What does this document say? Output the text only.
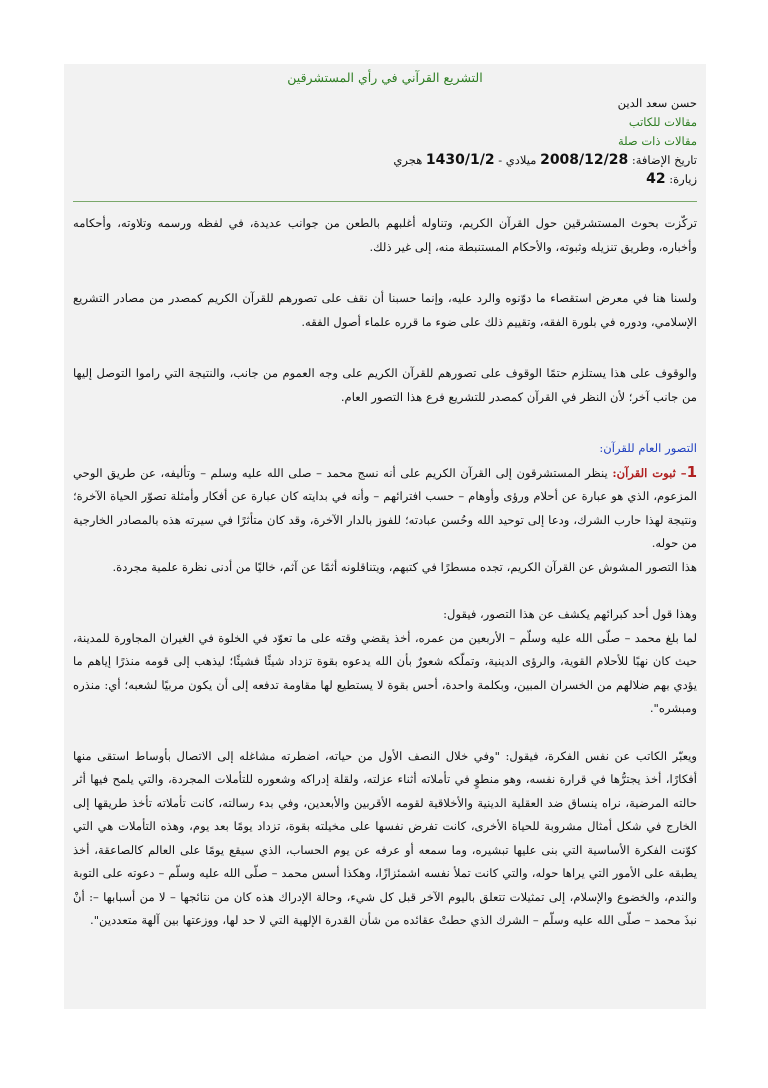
التشريع القرآني في رأي المستشرقين
حسن سعد الدين
مقالات للكاتب
مقالات ذات صلة
تاريخ الإضافة: 2008/12/28 ميلادي - 1430/1/2 هجري
زيارة: 42

تركّزت بحوث المستشرقين حول القرآن الكريم، وتناوله أغلبهم بالطعن من جوانب عديدة، في لفظه ورسمه وتلاوته، وأحكامه وأخباره، وطريق تنزيله وثبوته، والأحكام المستنبطة منه، إلى غير ذلك.

ولسنا هنا في معرض استقصاء ما دوّنوه والرد عليه، وإنما حسبنا أن نقف على تصورهم للقرآن الكريم كمصدر من مصادر التشريع الإسلامي، ودوره في بلورة الفقه، وتقييم ذلك على ضوء ما قرره علماء أصول الفقه.

والوقوف على هذا يستلزم حتمًا الوقوف على تصورهم للقرآن الكريم على وجه العموم من جانب، والنتيجة التي راموا التوصل إليها من جانب آخر؛ لأن النظر في القرآن كمصدر للتشريع فرع هذا التصور العام.

التصور العام للقرآن:

1– ثبوت القرآن: ينظر المستشرقون إلى القرآن الكريم على أنه نسج محمد – صلى الله عليه وسلم – وتأليفه، عن طريق الوحي المزعوم، الذي هو عبارة عن أحلام ورؤى وأوهام – حسب افترائهم – وأنه في بدايته كان عبارة عن أفكار وأمثلة تصوّر الحياة الآخرة؛ ونتيجة لهذا حارب الشرك، ودعا إلى توحيد الله وحُسن عبادته؛ للفوز بالدار الآخرة، وقد كان متأثرًا في سيرته هذه بالمصادر الخارجية من حوله.

هذا التصور المشوش عن القرآن الكريم، تجده مسطرًا في كتبهم، ويتناقلونه أثمًا عن آثم، خاليًا من أدنى نظرة علمية مجردة.

وهذا قول أحد كبرائهم يكشف عن هذا التصور، فيقول:

لما بلغ محمد – صلّى الله عليه وسلّم – الأربعين من عمره، أخذ يقضي وقته على ما تعوّد في الخلوة في الغيران المجاورة للمدينة، حيث كان نهبًا للأحلام القوية، والرؤى الدينية، وتملّكه شعورٌ بأن الله يدعوه بقوة تزداد شيئًا فشيئًا؛ ليذهب إلى قومه منذرًا إياهم ما يؤدي بهم ضلالهم من الخسران المبين، وبكلمة واحدة، أحس بقوة لا يستطيع لها مقاومة تدفعه إلى أن يكون مربيًا لشعبه؛ أي: منذره ومبشره".

ويعبّر الكاتب عن نفس الفكرة، فيقول: "وفي خلال النصف الأول من حياته، اضطرته مشاغله إلى الاتصال بأوساط استقى منها أفكارًا، أخذ يجترُّها في قرارة نفسه، وهو منطوٍ في تأملاته أثناء عزلته، ولقلة إدراكه وشعوره للتأملات المجردة، والتي يلمح فيها أثر حالته المرضية، نراه ينساق ضد العقلية الدينية والأخلاقية لقومه الأقربين والأبعدين، وفي بدء رسالته، كانت تأملاته تأخذ طريقها إلى الخارج في شكل أمثال مشروبة للحياة الأخرى، كانت تفرض نفسها على مخيلته بقوة، تزداد يومًا بعد يوم، وهذه التأملات هي التي كوّنت الفكرة الأساسية التي بنى عليها تبشيره، وما سمعه أو عرفه عن يوم الحساب، الذي سيقع يومًا على العالم كالصاعقة، أخذ يطبقه على الأمور التي يراها حوله، والتي كانت تملأ نفسه اشمئزازًا، وهكذا أسس محمد – صلّى الله عليه وسلّم – دعوته على التوبة والندم، والخضوع والإسلام، إلى تمثيلات تتعلق باليوم الآخر قبل كل شيء، وحالة الإدراك هذه كان من نتائجها – لا من أسبابها –: أنْ نبذَ محمد – صلّى الله عليه وسلّم – الشرك الذي حطتْ عقائده من شأن القدرة الإلهية التي لا حد لها، ووزعتها بين آلهة متعددين".
